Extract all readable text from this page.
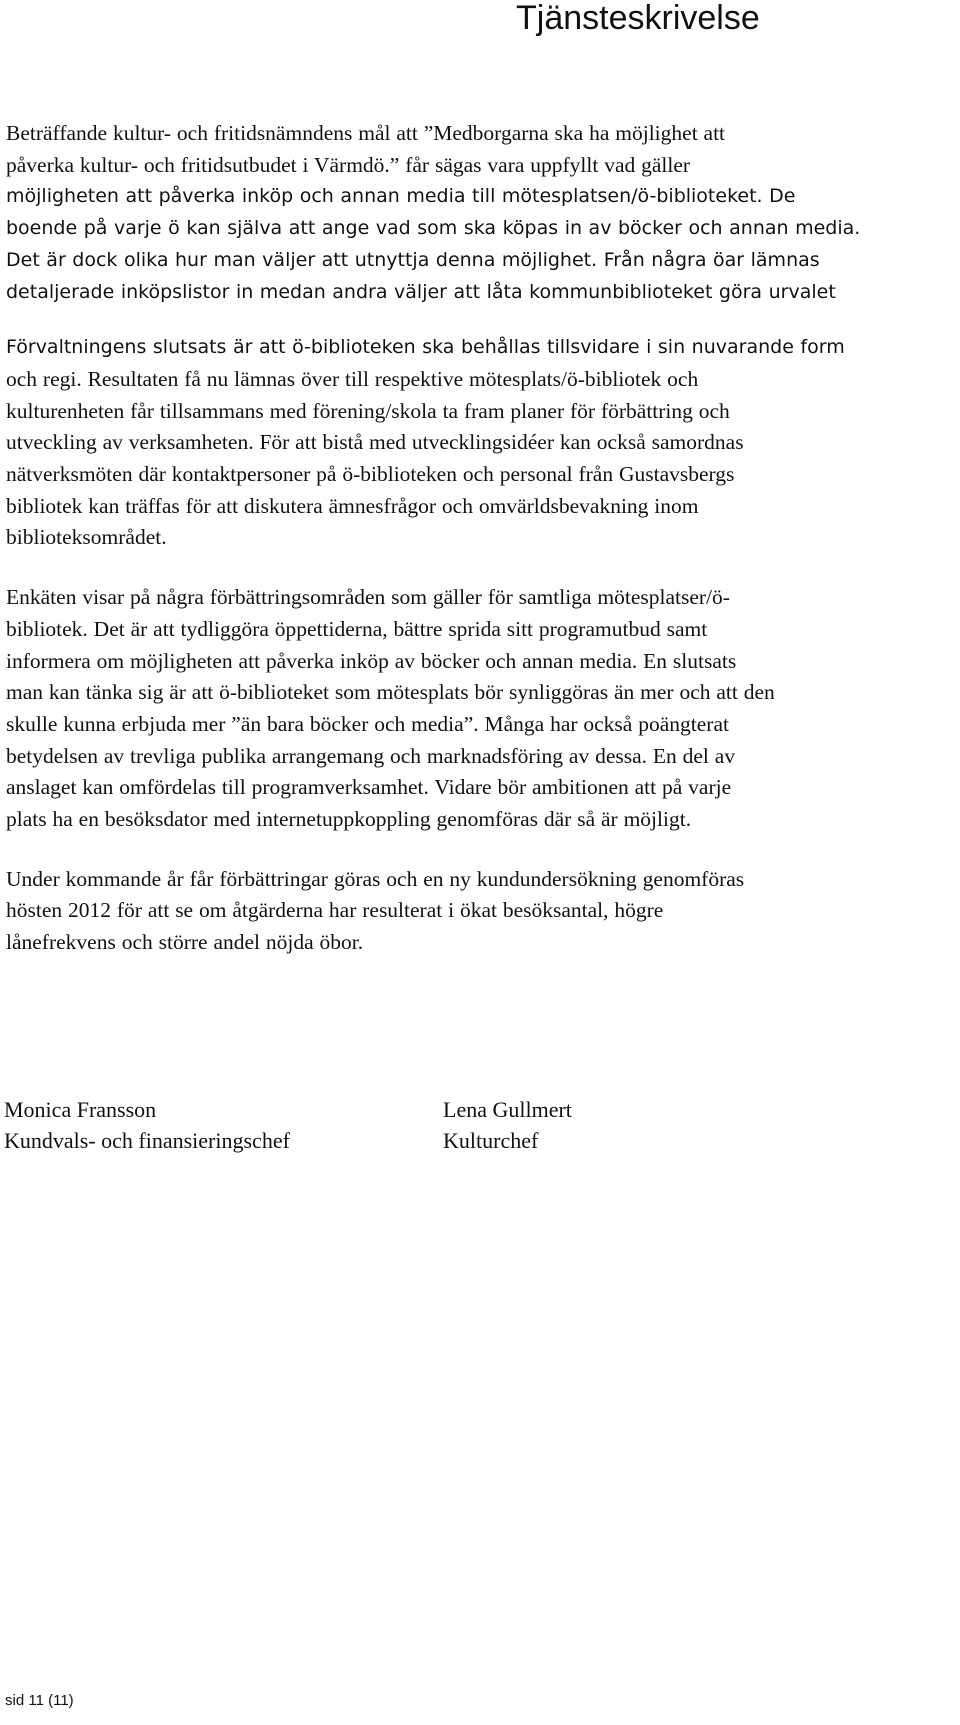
Tjänsteskrivelse

Beträffande kultur- och fritidsnämndens mål att ”Medborgarna ska ha möjlighet att
påverka kultur- och fritidsutbudet i Värmdö.” får sägas vara uppfyllt vad gäller
möjligheten att påverka inköp och annan media till mötesplatsen/ö-biblioteket. De
boende på varje ö kan själva att ange vad som ska köpas in av böcker och annan media.
Det är dock olika hur man väljer att utnyttja denna möjlighet. Från några öar lämnas
detaljerade inköpslistor in medan andra väljer att låta kommunbiblioteket göra urvalet

Förvaltningens slutsats är att ö-biblioteken ska behållas tillsvidare i sin nuvarande form
och regi. Resultaten få nu lämnas över till respektive mötesplats/ö-bibliotek och
kulturenheten får tillsammans med förening/skola ta fram planer för förbättring och
utveckling av verksamheten. För att bistå med utvecklingsidéer kan också samordnas
nätverksmöten där kontaktpersoner på ö-biblioteken och personal från Gustavsbergs
bibliotek kan träffas för att diskutera ämnesfrågor och omvärldsbevakning inom
biblioteksområdet.

Enkäten visar på några förbättringsområden som gäller för samtliga mötesplatser/ö-
bibliotek. Det är att tydliggöra öppettiderna, bättre sprida sitt programutbud samt
informera om möjligheten att påverka inköp av böcker och annan media. En slutsats
man kan tänka sig är att ö-biblioteket som mötesplats bör synliggöras än mer och att den
skulle kunna erbjuda mer ”än bara böcker och media”. Många har också poängterat
betydelsen av trevliga publika arrangemang och marknadsföring av dessa. En del av
anslaget kan omfördelas till programverksamhet. Vidare bör ambitionen att på varje
plats ha en besöksdator med internetuppkoppling genomföras där så är möjligt.

Under kommande år får förbättringar göras och en ny kundundersökning genomföras
hösten 2012 för att se om åtgärderna har resulterat i ökat besöksantal, högre
lånefrekvens och större andel nöjda öbor.

Monica Fransson
Kundvals- och finansieringschef
Lena Gullmert
Kulturchef
sid 11 (11)
